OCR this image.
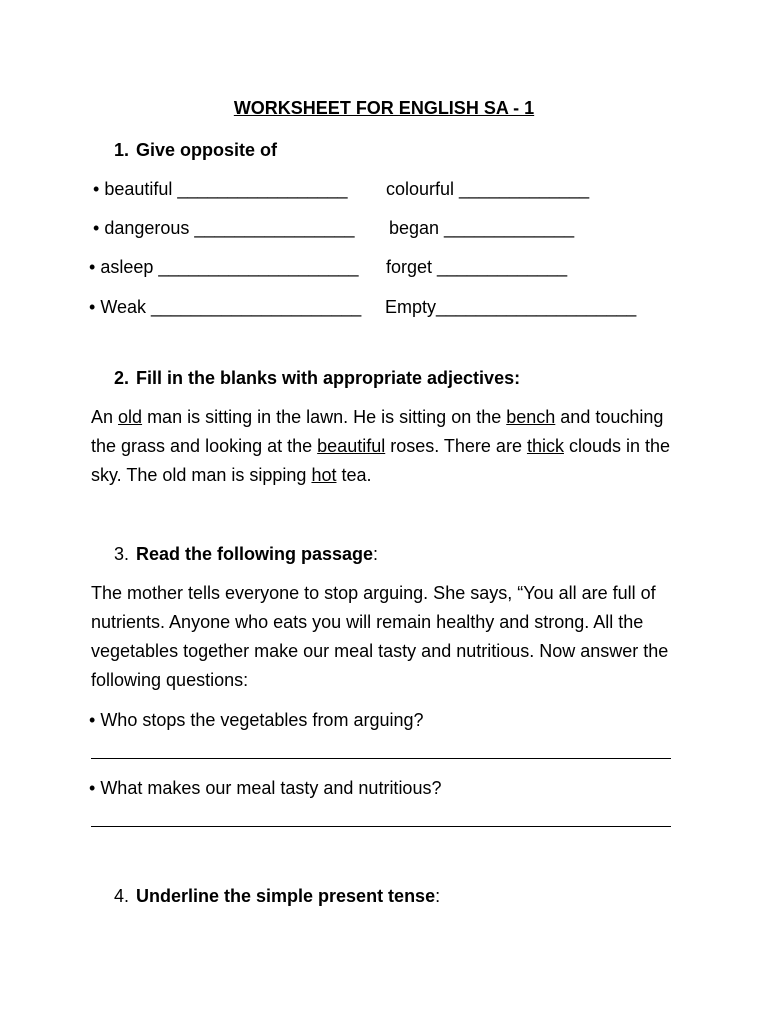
WORKSHEET FOR ENGLISH SA - 1
1. Give opposite of
• beautiful _________________ colourful _____________
• dangerous ________________ began _____________
• asleep ____________________ forget _____________
• Weak _____________________ Empty____________________
2. Fill in the blanks with appropriate adjectives:
An old man is sitting in the lawn. He is sitting on the bench and touching the grass and looking at the beautiful roses. There are thick clouds in the sky. The old man is sipping hot tea.
3. Read the following passage:
The mother tells everyone to stop arguing. She says, “You all are full of nutrients. Anyone who eats you will remain healthy and strong. All the vegetables together make our meal tasty and nutritious. Now answer the following questions:
• Who stops the vegetables from arguing?
• What makes our meal tasty and nutritious?
4. Underline the simple present tense:
